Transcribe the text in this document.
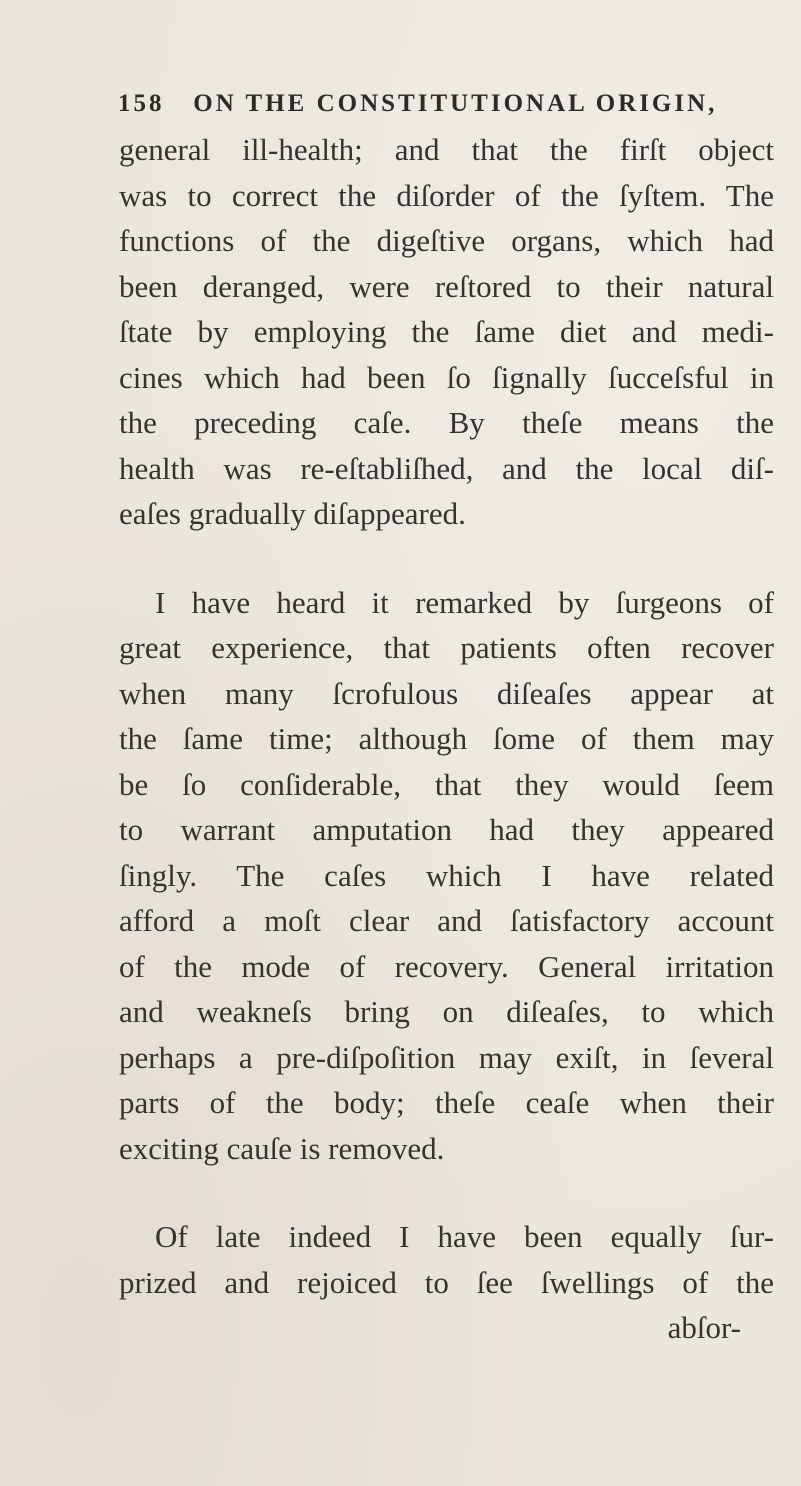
158 ON THE CONSTITUTIONAL ORIGIN,
general ill-health; and that the firſt object
was to correct the diſorder of the ſyſtem. The
functions of the digeſtive organs, which had
been deranged, were reſtored to their natural
ſtate by employing the ſame diet and medi-
cines which had been ſo ſignally ſucceſsful in
the preceding caſe. By theſe means the
health was re-eſtabliſhed, and the local diſ-
eaſes gradually diſappeared.
I have heard it remarked by ſurgeons of
great experience, that patients often recover
when many ſcrofulous diſeaſes appear at
the ſame time; although ſome of them may
be ſo conſiderable, that they would ſeem
to warrant amputation had they appeared
ſingly. The caſes which I have related
afford a moſt clear and ſatisfactory account
of the mode of recovery. General irritation
and weakneſs bring on diſeaſes, to which
perhaps a pre-diſpoſition may exiſt, in ſeveral
parts of the body; theſe ceaſe when their
exciting cauſe is removed.
Of late indeed I have been equally ſur-
prized and rejoiced to ſee ſwellings of the
abſor-
